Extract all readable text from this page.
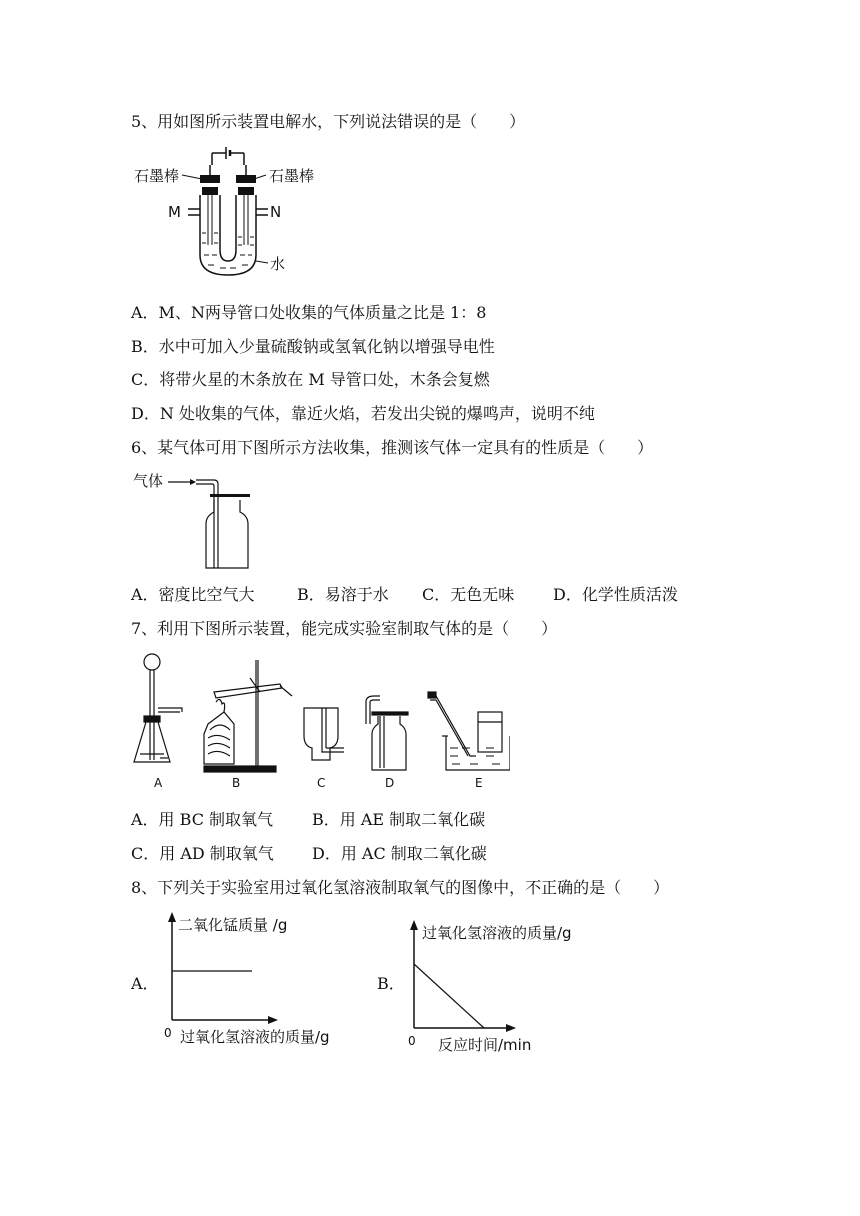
5、用如图所示装置电解水，下列说法错误的是（　　）
石墨棒	石墨棒
M	N
水
A．M、N两导管口处收集的气体质量之比是 1：8
B．水中可加入少量硫酸钠或氢氧化钠以增强导电性
C．将带火星的木条放在 M 导管口处，木条会复燃
D．N 处收集的气体，靠近火焰，若发出尖锐的爆鸣声，说明不纯
6、某气体可用下图所示方法收集，推测该气体一定具有的性质是（　　）
气体
A．密度比空气大	B．易溶于水 C．无色无味 D．化学性质活泼
7、利用下图所示装置，能完成实验室制取气体的是（　　）
A	B	C	D	E
A．用 BC 制取氧气 B．用 AE 制取二氧化碳
C．用 AD 制取氧气 D．用 AC 制取二氧化碳
8、下列关于实验室用过氧化氢溶液制取氧气的图像中，不正确的是（　　）
A．
二氧化锰质量 /g
0 过氧化氢溶液的质量/g
B．
过氧化氢溶液的质量/g
0 反应时间/min
